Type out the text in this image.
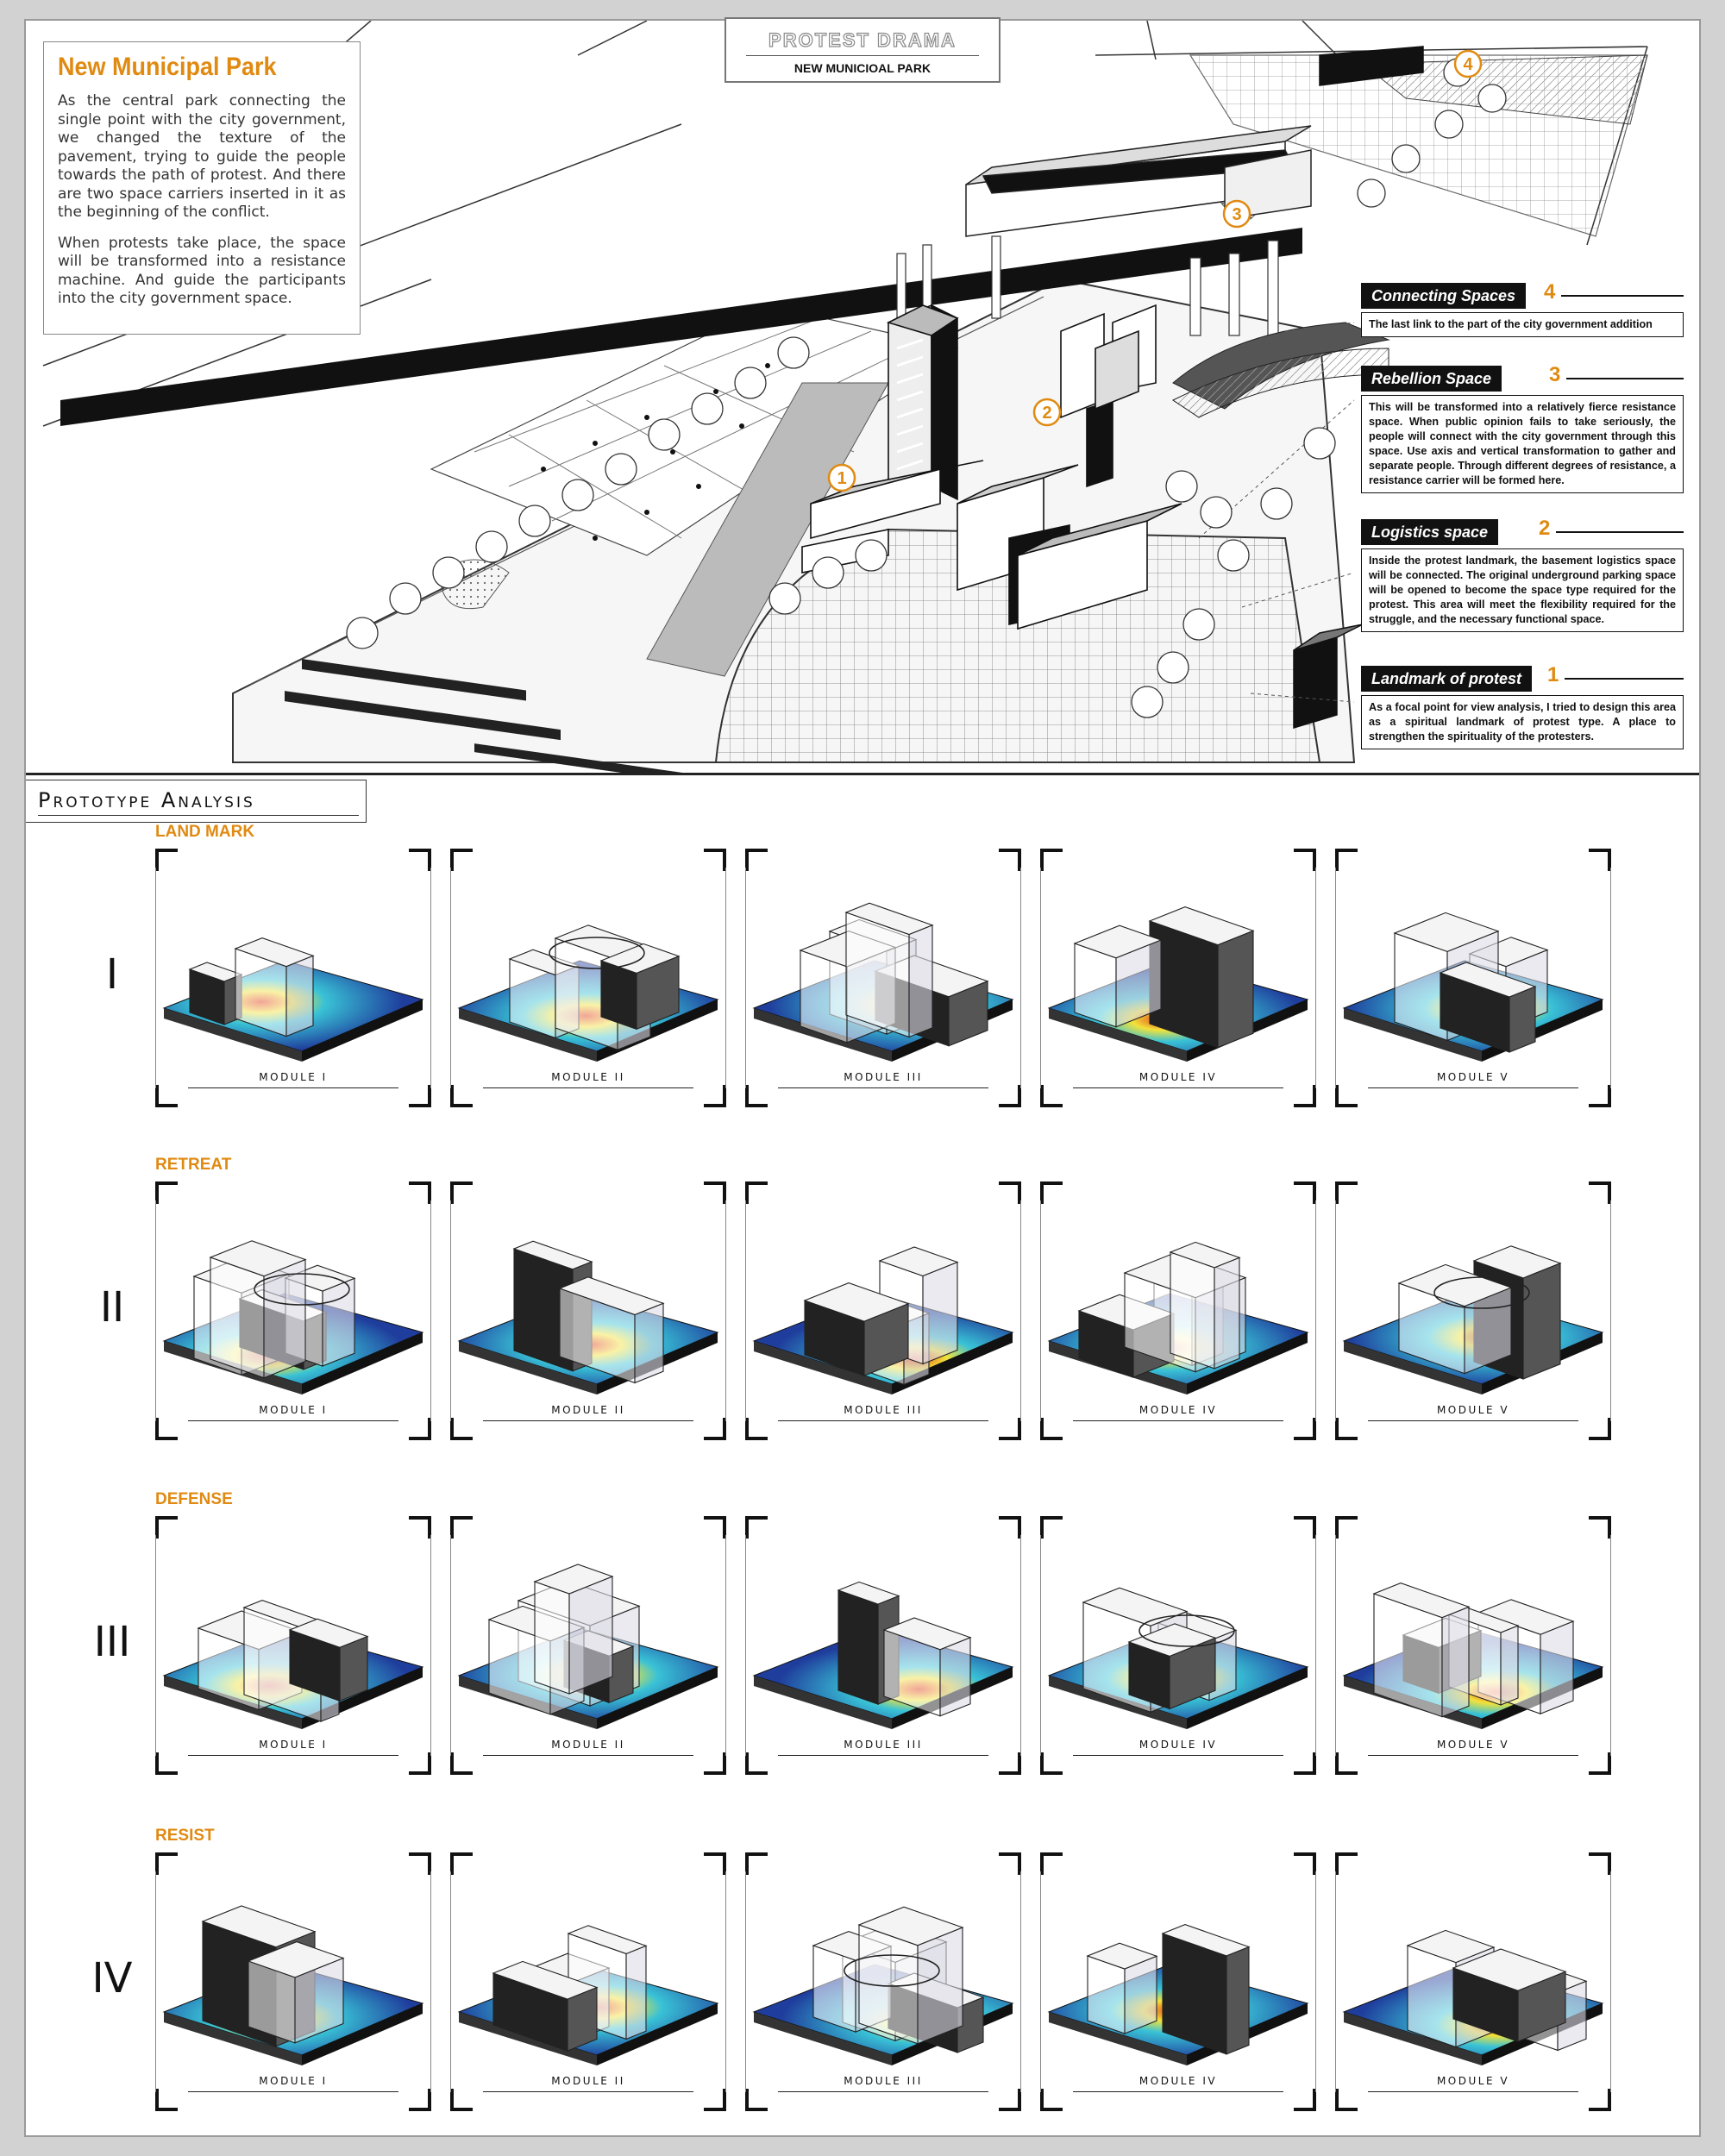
PROTEST DRAMA
NEW MUNICIOAL PARK
New Municipal Park

As the central park connecting the single point with the city government, we changed the texture of the pavement, trying to guide the people towards the path of protest. And there are two space carriers inserted in it as the beginning of the conflict.

When protests take place, the space will be transformed into a resistance machine. And guide the participants into the city government space.

1
2
3
4
Connecting Spaces	4
The last link to the part of the city government addition
Rebellion Space	3
This will be transformed into a relatively fierce resistance space. When public opinion fails to take seriously, the people will connect with the city government through this space. Use axis and vertical transformation to gather and separate people. Through different degrees of resistance, a resistance carrier will be formed here.
Logistics space	2
Inside the protest landmark, the basement logistics space will be connected. The original underground parking space will be opened to become the space type required for the protest. This area will meet the flexibility required for the struggle, and the necessary functional space.
Landmark of protest	1
As a focal point for view analysis, I tried to design this area as a spiritual landmark of protest type. A place to strengthen the spirituality of the protesters.
Prototype Analysis
LAND MARK
I
MODULE I	MODULE II	MODULE III	MODULE IV	MODULE V
RETREAT
II
MODULE I	MODULE II	MODULE III	MODULE IV	MODULE V
DEFENSE
III
MODULE I	MODULE II	MODULE III	MODULE IV	MODULE V
RESIST
IV
MODULE I	MODULE II	MODULE III	MODULE IV	MODULE V
